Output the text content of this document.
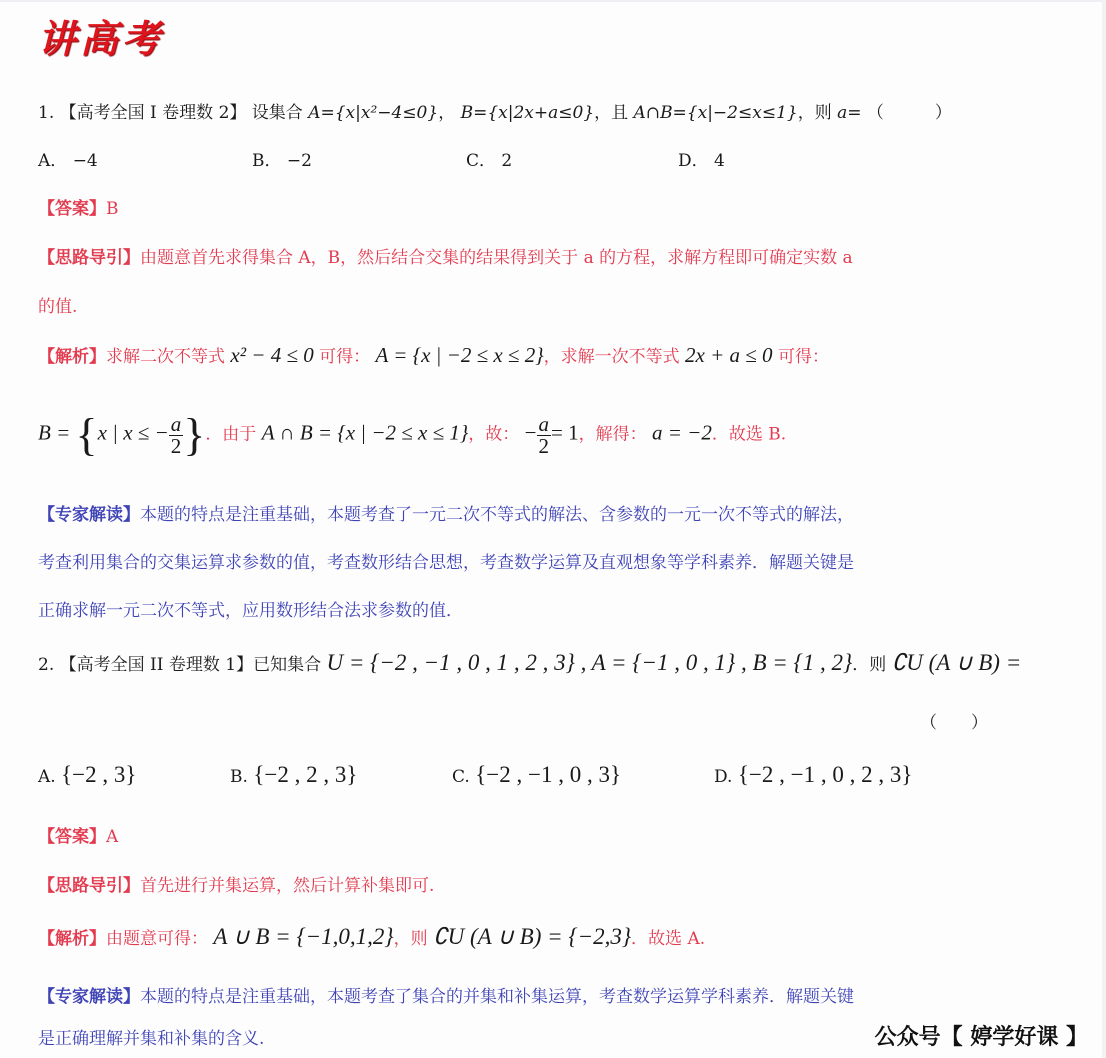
讲高考
1. 【高考全国 I 卷理数 2】 设集合 A={x|x²−4≤0}， B={x|2x+a≤0}，且 A∩B={x|−2≤x≤1}，则 a= （　　　）
A． −4	B． −2	C． 2	D． 4
【答案】B
【思路导引】由题意首先求得集合 A，B，然后结合交集的结果得到关于 a 的方程，求解方程即可确定实数 a
的值.
【解析】求解二次不等式 x² − 4 ≤ 0 可得： A = {x | −2 ≤ x ≤ 2}，求解一次不等式 2x + a ≤ 0 可得：
B = {x | x ≤ − $\frac{a}{2}$ }．由于 A ∩ B = {x | −2 ≤ x ≤ 1}，故： − $\frac{a}{2} = 1$，解得： a = −2．故选 B.
【专家解读】本题的特点是注重基础，本题考查了一元二次不等式的解法、含参数的一元一次不等式的解法，
考查利用集合的交集运算求参数的值，考查数形结合思想，考查数学运算及直观想象等学科素养．解题关键是
正确求解一元二次不等式，应用数形结合法求参数的值．
2. 【高考全国 II 卷理数 1】已知集合 U = {−2 , −1 , 0 , 1 , 2 , 3} , A = {−1 , 0 , 1} , B = {1 , 2}．则 ∁U (A ∪ B) =
（　　）
A. {−2 , 3}	B. {−2 , 2 , 3}	C. {−2 , −1 , 0 , 3}	D. {−2 , −1 , 0 , 2 , 3}
【答案】A
【思路导引】首先进行并集运算，然后计算补集即可.
【解析】由题意可得： A ∪ B = {−1,0,1,2}，则 ∁U (A ∪ B) = {−2,3}．故选 A.
【专家解读】本题的特点是注重基础，本题考查了集合的并集和补集运算，考查数学运算学科素养．解题关键
是正确理解并集和补集的含义.	公众号【 婷学好课 】
